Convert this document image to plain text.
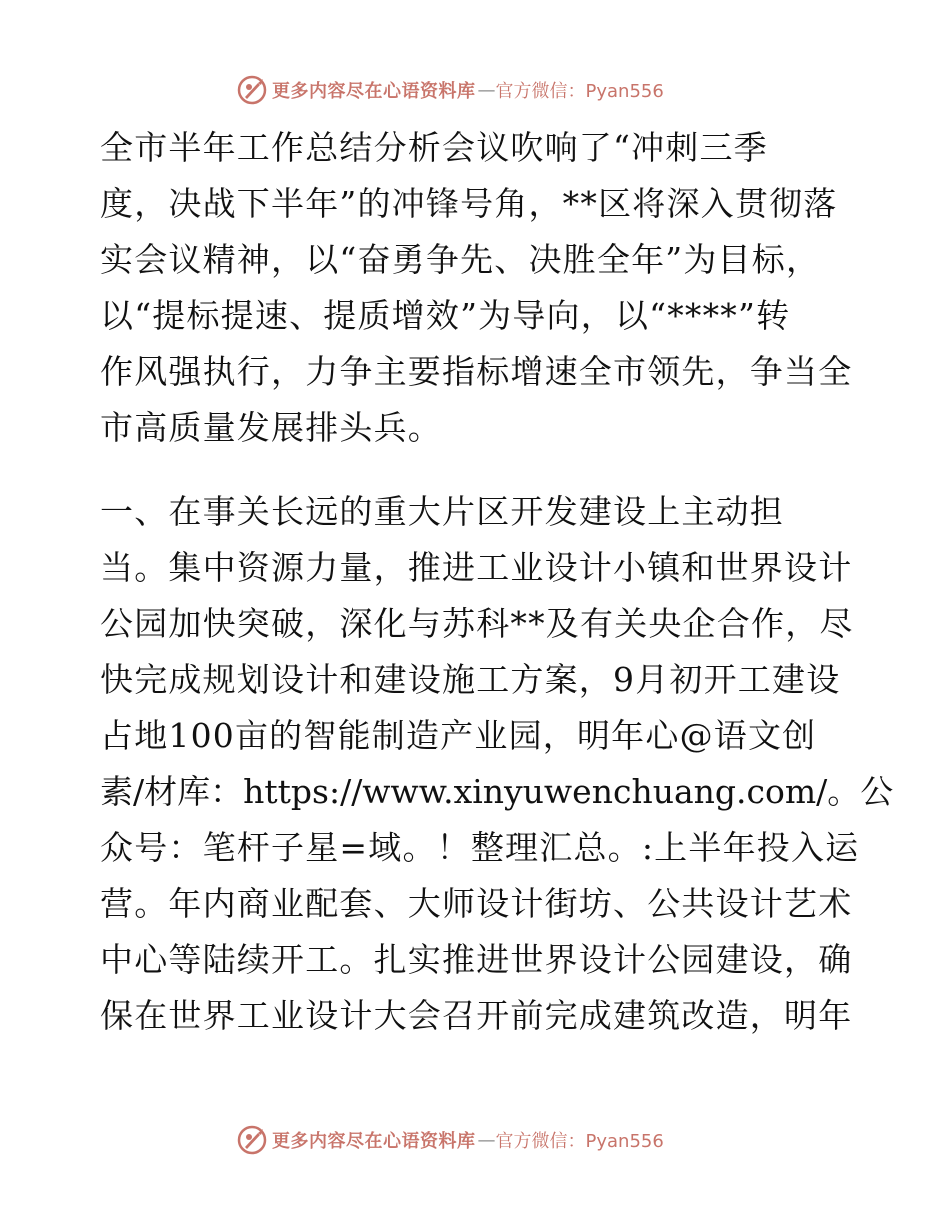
更多内容尽在心语资料库 — 官方微信：Pyan556
全市半年工作总结分析会议吹响了“冲刺三季
度，决战下半年”的冲锋号角，**区将深入贯彻落
实会议精神，以“奋勇争先、决胜全年”为目标，
以“提标提速、提质增效”为导向，以“****”转
作风强执行，力争主要指标增速全市领先，争当全
市高质量发展排头兵。
一、在事关长远的重大片区开发建设上主动担
当。集中资源力量，推进工业设计小镇和世界设计
公园加快突破，深化与苏科**及有关央企合作，尽
快完成规划设计和建设施工方案，9月初开工建设
占地100亩的智能制造产业园，明年心@语文创
素/材库：https://www.xinyuwenchuang.com/。公
众号：笔杆子星=域。！整理汇总。:上半年投入运
营。年内商业配套、大师设计街坊、公共设计艺术
中心等陆续开工。扎实推进世界设计公园建设，确
保在世界工业设计大会召开前完成建筑改造，明年
更多内容尽在心语资料库 — 官方微信：Pyan556
